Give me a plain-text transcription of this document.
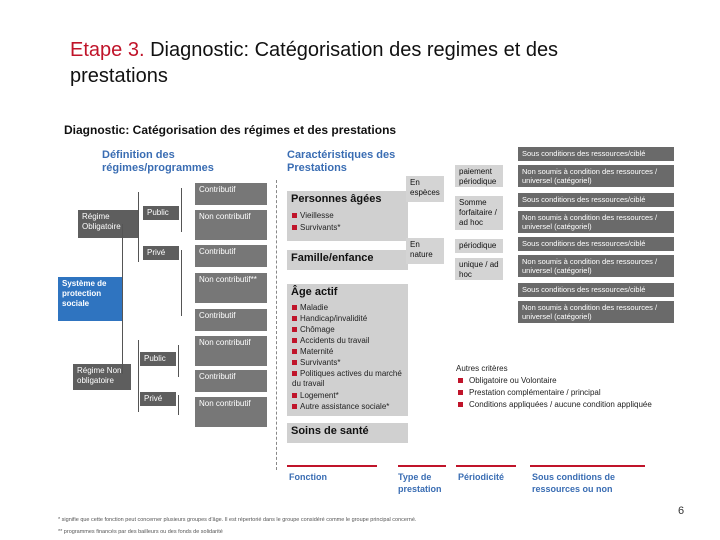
Etape 3. Diagnostic: Catégorisation des regimes et des prestations
Diagnostic: Catégorisation des régimes et des prestations
Définition des régimes/programmes
Caractéristiques des Prestations
Système de protection sociale
Régime Obligatoire
Régime Non obligatoire
Public
Privé
Public
Privé
Contributif
Non contributif
Contributif
Non contributif**
Contributif
Non contributif
Contributif
Non contributif
Personnes âgées
Vieillesse
Survivants*
Famille/enfance
Âge actif
Maladie
Handicap/invalidité
Chômage
Accidents du travail
Maternité
Survivants*
Politiques actives du marché du travail
Logement*
Autre assistance sociale*
Soins de santé
En espèces
En nature
paiement périodique
Somme forfaitaire / ad hoc
périodique
unique / ad hoc
Sous conditions des ressources/ciblé
Non soumis à condition des ressources / universel (catégoriel)
Sous conditions des ressources/ciblé
Non soumis à condition des ressources / universel (catégoriel)
Sous conditions des ressources/ciblé
Non soumis à condition des ressources / universel (catégoriel)
Sous conditions des ressources/ciblé
Non soumis à condition des ressources / universel (catégoriel)
Autres critères
Obligatoire ou Volontaire
Prestation complémentaire / principal
Conditions appliquées / aucune condition appliquée
Fonction	Type de prestation
Périodicité	Sous conditions de ressources ou non
* signifie que cette fonction peut concerner plusieurs groupes d'âge. Il est répertorié dans le groupe considéré comme le groupe principal concerné.
** programmes financés par des bailleurs ou des fonds de solidarité
6
